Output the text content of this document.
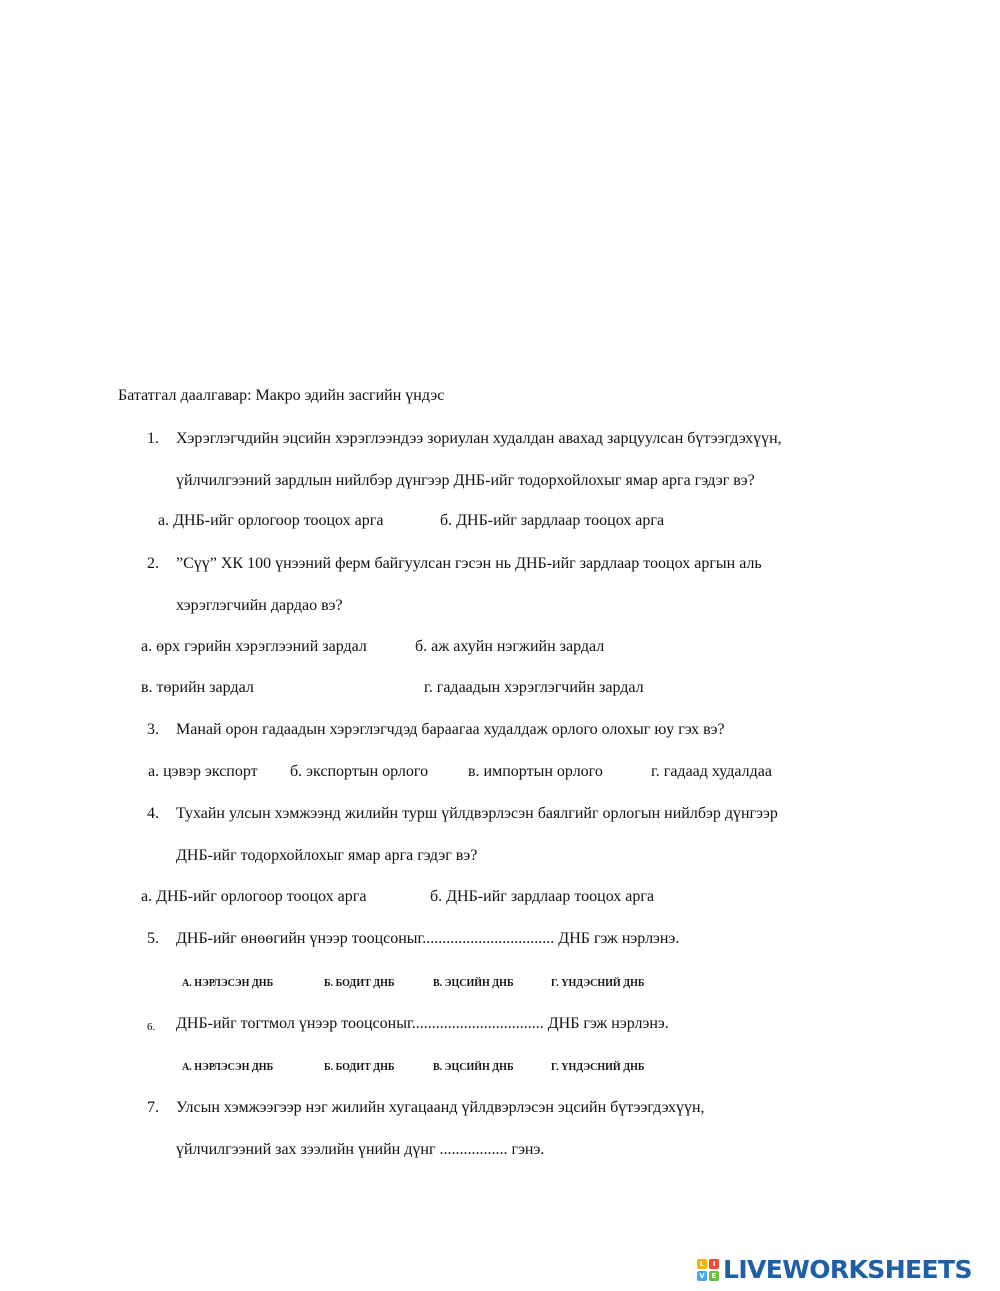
Бататгал даалгавар: Макро эдийн засгийн үндэс
1. Хэрэглэгчдийн эцсийн хэрэглээндээ зориулан худалдан авахад зарцуулсан бүтээгдэхүүн,
үйлчилгээний зардлын нийлбэр дүнгээр ДНБ-ийг тодорхойлохыг ямар арга гэдэг вэ?
а. ДНБ-ийг орлогоор тооцох арга	б. ДНБ-ийг зардлаар тооцох арга
2. ”Сүү” ХК 100 үнээний ферм байгуулсан гэсэн нь ДНБ-ийг зардлаар тооцох аргын аль
хэрэглэгчийн дардао вэ?
а. өрх гэрийн хэрэглээний зардал	б. аж ахуйн нэгжийн зардал
в. төрийн зардал	г. гадаадын хэрэглэгчийн зардал
3. Манай орон гадаадын хэрэглэгчдэд бараагаа худалдаж орлого олохыг юу гэх вэ?
а. цэвэр экспорт б. экспортын орлого в. импортын орлого	г. гадаад худалдаа
4. Тухайн улсын хэмжээнд жилийн турш үйлдвэрлэсэн баялгийг орлогын нийлбэр дүнгээр
ДНБ-ийг тодорхойлохыг ямар арга гэдэг вэ?
а. ДНБ-ийг орлогоор тооцох арга	б. ДНБ-ийг зардлаар тооцох арга
5. ДНБ-ийг өнөөгийн үнээр тооцсоныг................................. ДНБ гэж нэрлэнэ.
А. НЭРЛЭСЭН ДНБ	Б. БОДИТ ДНБ	В. ЭЦСИЙН ДНБ	Г. ҮНДЭСНИЙ ДНБ
6. ДНБ-ийг тогтмол үнээр тооцсоныг................................. ДНБ гэж нэрлэнэ.
А. НЭРЛЭСЭН ДНБ	Б. БОДИТ ДНБ	В. ЭЦСИЙН ДНБ	Г. ҮНДЭСНИЙ ДНБ
7. Улсын хэмжээгээр нэг жилийн хугацаанд үйлдвэрлэсэн эцсийн бүтээгдэхүүн,
үйлчилгээний зах зээлийн үнийн дүнг ................. гэнэ.
L	I
V E LIVEWORKSHEETS
